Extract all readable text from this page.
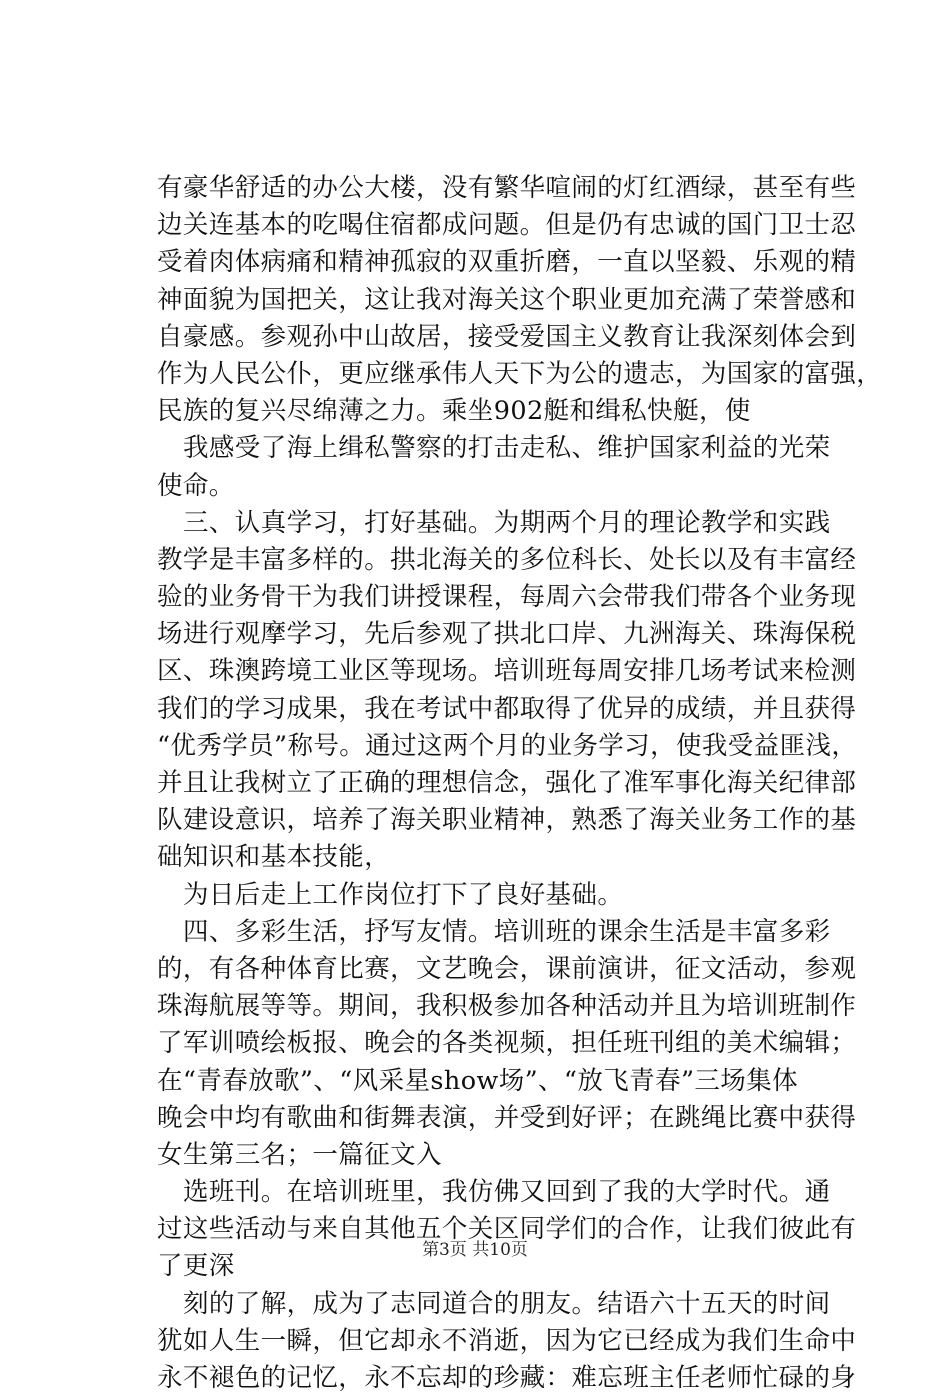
有豪华舒适的办公大楼，没有繁华喧闹的灯红酒绿，甚至有些
边关连基本的吃喝住宿都成问题。但是仍有忠诚的国门卫士忍
受着肉体病痛和精神孤寂的双重折磨，一直以坚毅、乐观的精
神面貌为国把关，这让我对海关这个职业更加充满了荣誉感和
自豪感。参观孙中山故居，接受爱国主义教育让我深刻体会到
作为人民公仆，更应继承伟人天下为公的遗志，为国家的富强，
民族的复兴尽绵薄之力。乘坐902艇和缉私快艇，使
我感受了海上缉私警察的打击走私、维护国家利益的光荣
使命。
三、认真学习，打好基础。为期两个月的理论教学和实践
教学是丰富多样的。拱北海关的多位科长、处长以及有丰富经
验的业务骨干为我们讲授课程，每周六会带我们带各个业务现
场进行观摩学习，先后参观了拱北口岸、九洲海关、珠海保税
区、珠澳跨境工业区等现场。培训班每周安排几场考试来检测
我们的学习成果，我在考试中都取得了优异的成绩，并且获得
“优秀学员”称号。通过这两个月的业务学习，使我受益匪浅，
并且让我树立了正确的理想信念，强化了准军事化海关纪律部
队建设意识，培养了海关职业精神，熟悉了海关业务工作的基
础知识和基本技能，
为日后走上工作岗位打下了良好基础。
四、多彩生活，抒写友情。培训班的课余生活是丰富多彩
的，有各种体育比赛，文艺晚会，课前演讲，征文活动，参观
珠海航展等等。期间，我积极参加各种活动并且为培训班制作
了军训喷绘板报、晚会的各类视频，担任班刊组的美术编辑；
在“青春放歌”、“风采星show场”、“放飞青春”三场集体
晚会中均有歌曲和街舞表演，并受到好评；在跳绳比赛中获得
女生第三名；一篇征文入
选班刊。在培训班里，我仿佛又回到了我的大学时代。通
过这些活动与来自其他五个关区同学们的合作，让我们彼此有
了更深
刻的了解，成为了志同道合的朋友。结语六十五天的时间
犹如人生一瞬，但它却永不消逝，因为它已经成为我们生命中
永不褪色的记忆，永不忘却的珍藏：难忘班主任老师忙碌的身
第3页 共10页
